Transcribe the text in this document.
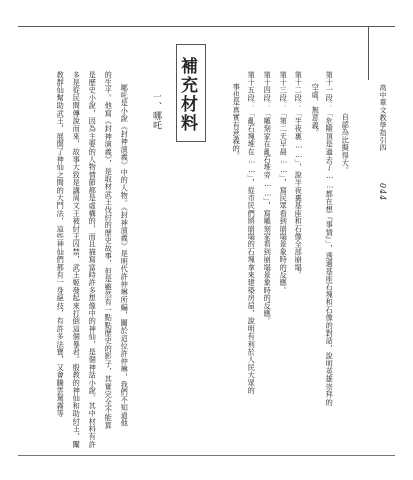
高中華文教學指引四
044
自認為比擬得大。
第十一段：「危險頂是過去了……都在想『事情』」，透過基座石塊和石像的對話，說明英雄崇拜的
空虛，無意義。
第十二段：「半夜裏……」，說半夜裏基座和石像全部崩塌。
第十三段：「第二天早晨……」，寫民眾看到崩塌景象時的反應。
第十四段：「雕刻家在亂石堆旁……」，寫雕刻家看到崩塌景象時的反應。
第十五段：「亂石塊堆在……」，從市民們將崩塌的石塊拿來建築房屋，說明有利於人民大眾的
事也是真實有意義的。
補充材料
一、哪吒
哪吒是小說《封神演義》中的人物。《封神演義》是明代許仲琳所編，關於這位許仲琳，我們不知道他
的生平。他寫《封神演義》，是取材武王伐紂的歷史故事，但是雖然有一點點歷史的影子，其實完全不能算
是歷史小說，因為主要的人物情節都是虛構的，而且描寫當時許多想像中的神仙，是個神話小說。其中材料有許
多是從民間傳說而來，故事大致是講周文王被紂王囚禁，武王姬發起來打倒這個暴君。殷教的神仙和助紂王，闡
教群仙幫助武王，展開了神仙之間的大鬥法，這些神仙們都有一身絕技，有許多法寶，又會騰雲駕霧等
